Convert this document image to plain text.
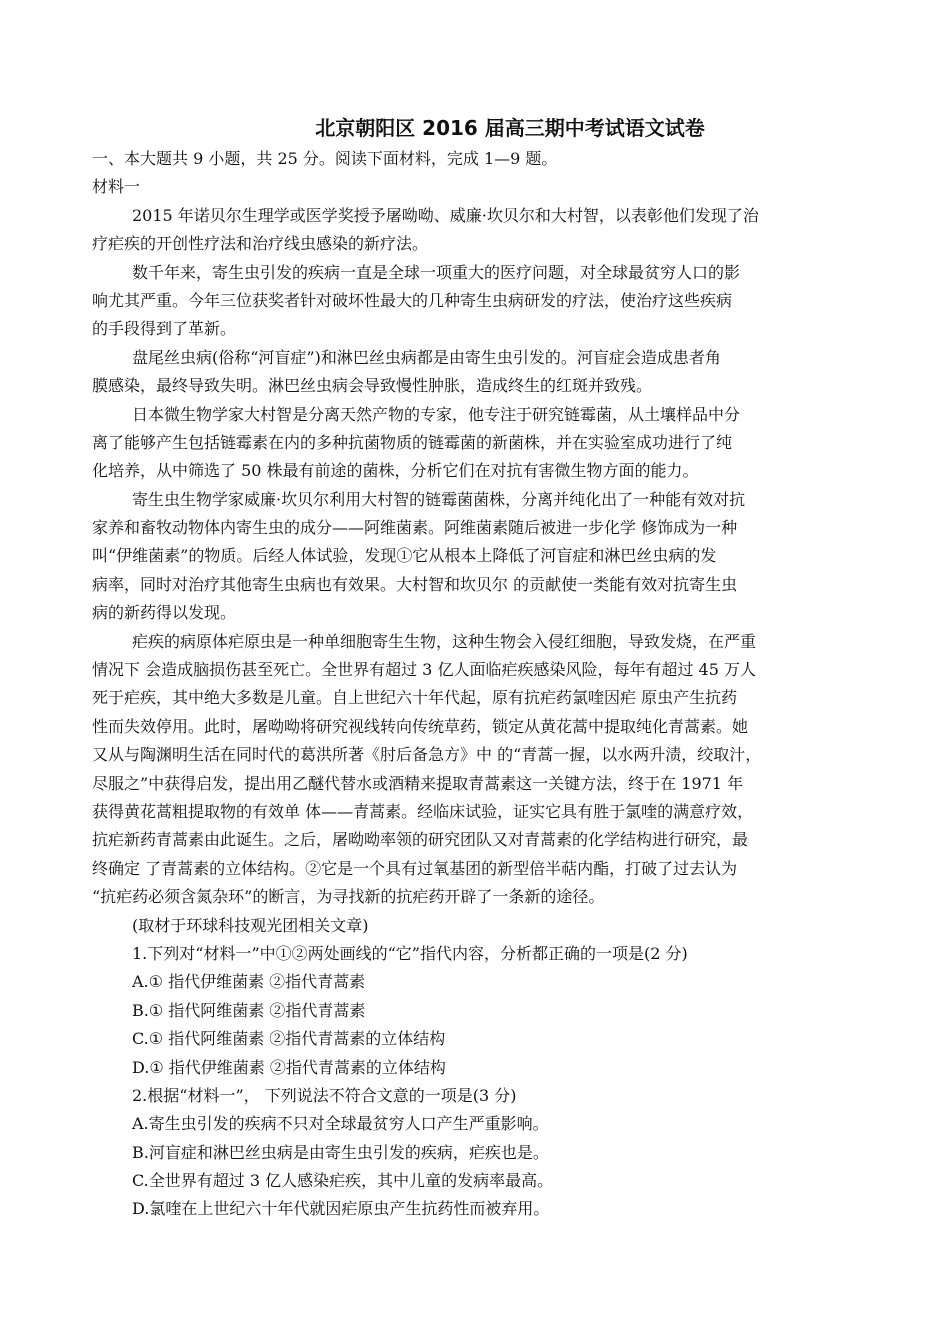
北京朝阳区 2016 届高三期中考试语文试卷
一、本大题共 9 小题，共 25 分。阅读下面材料，完成 1—9 题。
材料一
2015 年诺贝尔生理学或医学奖授予屠呦呦、威廉·坎贝尔和大村智，以表彰他们发现了治
疗疟疾的开创性疗法和治疗线虫感染的新疗法。
数千年来，寄生虫引发的疾病一直是全球一项重大的医疗问题，对全球最贫穷人口的影
响尤其严重。今年三位获奖者针对破坏性最大的几种寄生虫病研发的疗法，使治疗这些疾病
的手段得到了革新。
盘尾丝虫病(俗称“河盲症”)和淋巴丝虫病都是由寄生虫引发的。河盲症会造成患者角
膜感染，最终导致失明。淋巴丝虫病会导致慢性肿胀，造成终生的红斑并致残。
日本微生物学家大村智是分离天然产物的专家，他专注于研究链霉菌，从土壤样品中分
离了能够产生包括链霉素在内的多种抗菌物质的链霉菌的新菌株，并在实验室成功进行了纯
化培养，从中筛选了 50 株最有前途的菌株，分析它们在对抗有害微生物方面的能力。
寄生虫生物学家威廉·坎贝尔利用大村智的链霉菌菌株，分离并纯化出了一种能有效对抗
家养和畜牧动物体内寄生虫的成分——阿维菌素。阿维菌素随后被进一步化学 修饰成为一种
叫“伊维菌素”的物质。后经人体试验，发现①它从根本上降低了河盲症和淋巴丝虫病的发
病率，同时对治疗其他寄生虫病也有效果。大村智和坎贝尔 的贡献使一类能有效对抗寄生虫
病的新药得以发现。
疟疾的病原体疟原虫是一种单细胞寄生生物，这种生物会入侵红细胞，导致发烧，在严重
情况下 会造成脑损伤甚至死亡。全世界有超过 3 亿人面临疟疾感染风险，每年有超过 45 万人
死于疟疾，其中绝大多数是儿童。自上世纪六十年代起，原有抗疟药氯喹因疟 原虫产生抗药
性而失效停用。此时，屠呦呦将研究视线转向传统草药，锁定从黄花蒿中提取纯化青蒿素。她
又从与陶渊明生活在同时代的葛洪所著《肘后备急方》中 的“青蒿一握，以水两升渍，绞取汁，
尽服之”中获得启发，提出用乙醚代替水或酒精来提取青蒿素这一关键方法，终于在 1971 年
获得黄花蒿粗提取物的有效单 体——青蒿素。经临床试验，证实它具有胜于氯喹的满意疗效，
抗疟新药青蒿素由此诞生。之后，屠呦呦率领的研究团队又对青蒿素的化学结构进行研究，最
终确定 了青蒿素的立体结构。②它是一个具有过氧基团的新型倍半萜内酯，打破了过去认为
“抗疟药必须含氮杂环”的断言，为寻找新的抗疟药开辟了一条新的途径。
(取材于环球科技观光团相关文章)
1.下列对“材料一”中①②两处画线的“它”指代内容，分析都正确的一项是(2 分)
A.① 指代伊维菌素 ②指代青蒿素
B.① 指代阿维菌素 ②指代青蒿素
C.① 指代阿维菌素 ②指代青蒿素的立体结构
D.① 指代伊维菌素 ②指代青蒿素的立体结构
2.根据“材料一”， 下列说法不符合文意的一项是(3 分)
A.寄生虫引发的疾病不只对全球最贫穷人口产生严重影响。
B.河盲症和淋巴丝虫病是由寄生虫引发的疾病，疟疾也是。
C.全世界有超过 3 亿人感染疟疾，其中儿童的发病率最高。
D.氯喹在上世纪六十年代就因疟原虫产生抗药性而被弃用。
